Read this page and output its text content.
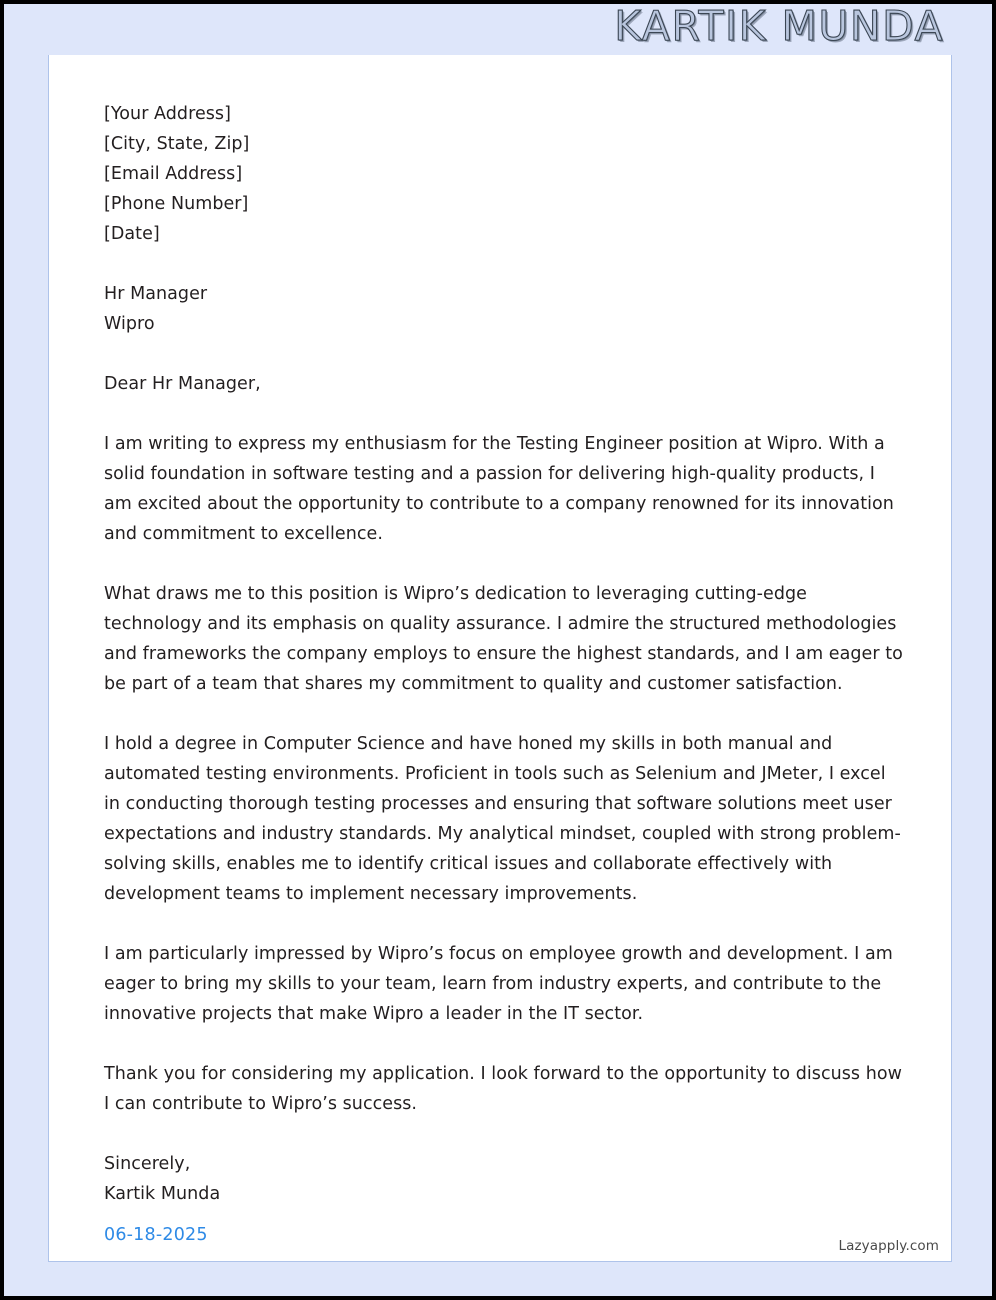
KARTIK MUNDA

[Your Address]

[City, State, Zip]

[Email Address]

[Phone Number]

[Date]

Hr Manager

Wipro

Dear Hr Manager,

I am writing to express my enthusiasm for the Testing Engineer position at Wipro. With a solid foundation in software testing and a passion for delivering high-quality products, I am excited about the opportunity to contribute to a company renowned for its innovation and commitment to excellence.

What draws me to this position is Wipro’s dedication to leveraging cutting-edge technology and its emphasis on quality assurance. I admire the structured methodologies and frameworks the company employs to ensure the highest standards, and I am eager to be part of a team that shares my commitment to quality and customer satisfaction.

I hold a degree in Computer Science and have honed my skills in both manual and automated testing environments. Proficient in tools such as Selenium and JMeter, I excel in conducting thorough testing processes and ensuring that software solutions meet user expectations and industry standards. My analytical mindset, coupled with strong problem-solving skills, enables me to identify critical issues and collaborate effectively with development teams to implement necessary improvements.

I am particularly impressed by Wipro’s focus on employee growth and development. I am eager to bring my skills to your team, learn from industry experts, and contribute to the innovative projects that make Wipro a leader in the IT sector.

Thank you for considering my application. I look forward to the opportunity to discuss how I can contribute to Wipro’s success.

Sincerely,

Kartik Munda

06-18-2025
Lazyapply.com
